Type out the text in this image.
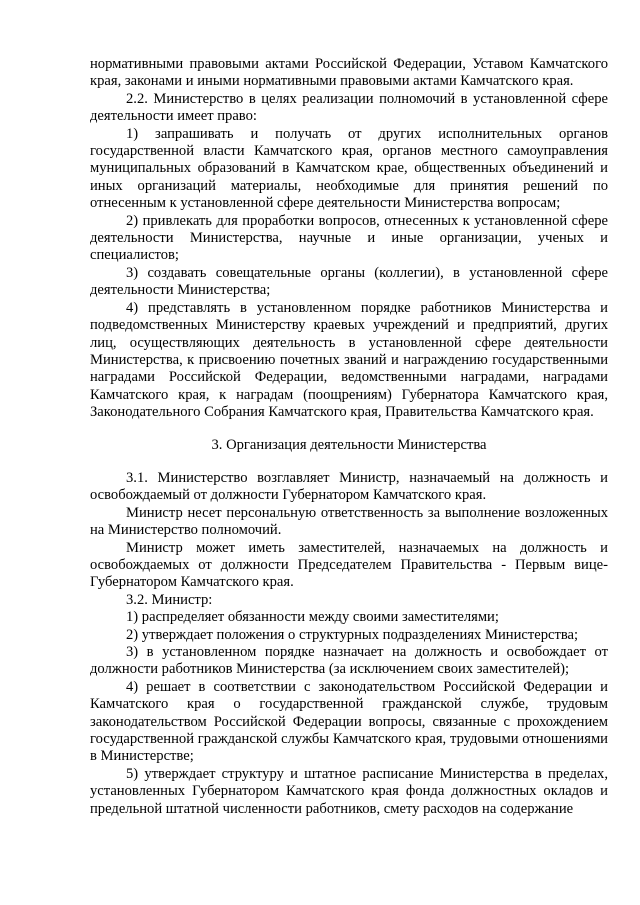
нормативными правовыми актами Российской Федерации, Уставом Камчатского края, законами и иными нормативными правовыми актами Камчатского края.

2.2. Министерство в целях реализации полномочий в установленной сфере деятельности имеет право:

1) запрашивать и получать от других исполнительных органов государственной власти Камчатского края, органов местного самоуправления муниципальных образований в Камчатском крае, общественных объединений и иных организаций материалы, необходимые для принятия решений по отнесенным к установленной сфере деятельности Министерства вопросам;

2) привлекать для проработки вопросов, отнесенных к установленной сфере деятельности Министерства, научные и иные организации, ученых и специалистов;

3) создавать совещательные органы (коллегии), в установленной сфере деятельности Министерства;

4) представлять в установленном порядке работников Министерства и подведомственных Министерству краевых учреждений и предприятий, других лиц, осуществляющих деятельность в установленной сфере деятельности Министерства, к присвоению почетных званий и награждению государственными наградами Российской Федерации, ведомственными наградами, наградами Камчатского края, к наградам (поощрениям) Губернатора Камчатского края, Законодательного Собрания Камчатского края, Правительства Камчатского края.

3. Организация деятельности Министерства

3.1. Министерство возглавляет Министр, назначаемый на должность и освобождаемый от должности Губернатором Камчатского края.

Министр несет персональную ответственность за выполнение возложенных на Министерство полномочий.

Министр может иметь заместителей, назначаемых на должность и освобождаемых от должности Председателем Правительства - Первым вице-Губернатором Камчатского края.

3.2. Министр:

1) распределяет обязанности между своими заместителями;

2) утверждает положения о структурных подразделениях Министерства;

3) в установленном порядке назначает на должность и освобождает от должности работников Министерства (за исключением своих заместителей);

4) решает в соответствии с законодательством Российской Федерации и Камчатского края о государственной гражданской службе, трудовым законодательством Российской Федерации вопросы, связанные с прохождением государственной гражданской службы Камчатского края, трудовыми отношениями в Министерстве;

5) утверждает структуру и штатное расписание Министерства в пределах, установленных Губернатором Камчатского края фонда должностных окладов и предельной штатной численности работников, смету расходов на содержание
